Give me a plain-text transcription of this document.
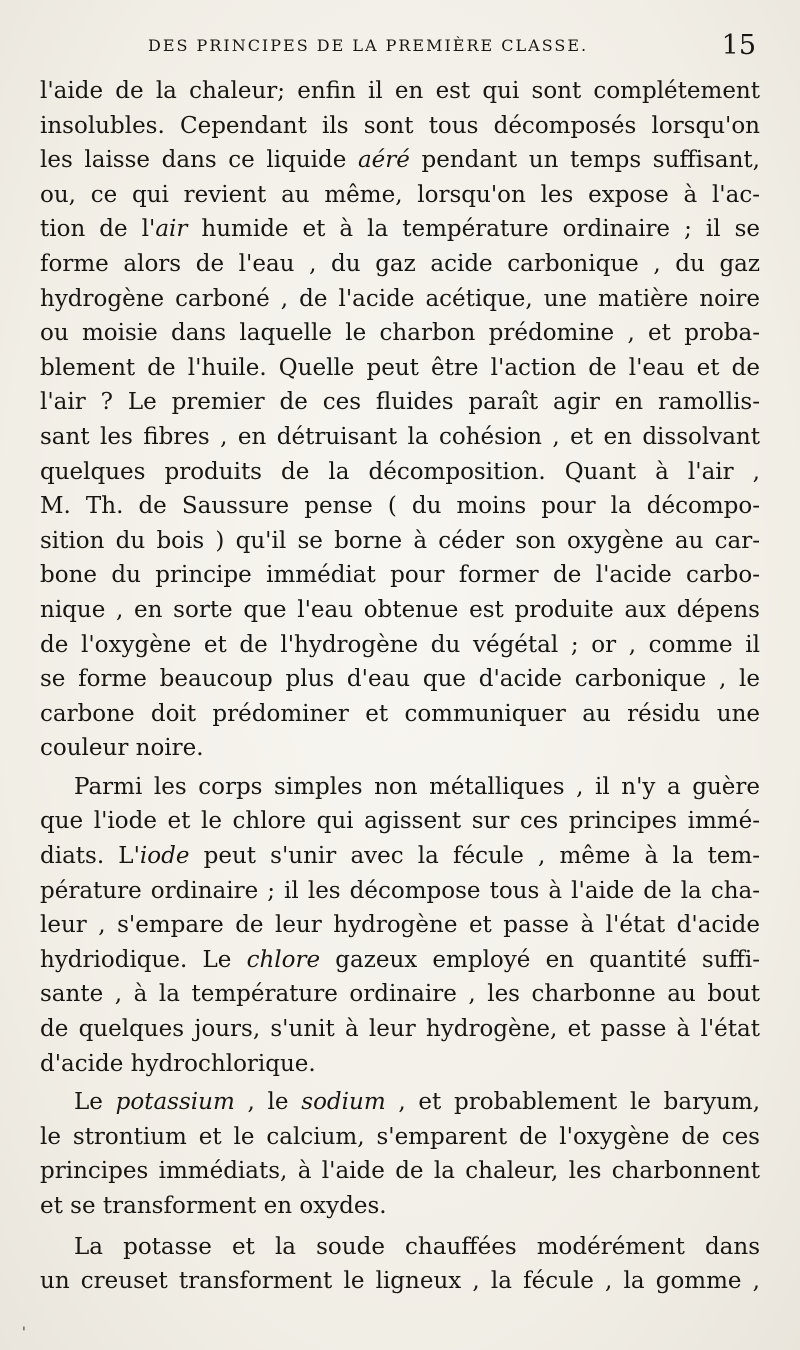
DES PRINCIPES DE LA PREMIÈRE CLASSE.	15
l'aide de la chaleur; enfin il en est qui sont complétement
insolubles. Cependant ils sont tous décomposés lorsqu'on
les laisse dans ce liquide aéré pendant un temps suffisant,
ou, ce qui revient au même, lorsqu'on les expose à l'ac-
tion de l'air humide et à la température ordinaire ; il se
forme alors de l'eau , du gaz acide carbonique , du gaz
hydrogène carboné , de l'acide acétique, une matière noire
ou moisie dans laquelle le charbon prédomine , et proba-
blement de l'huile. Quelle peut être l'action de l'eau et de
l'air ? Le premier de ces fluides paraît agir en ramollis-
sant les fibres , en détruisant la cohésion , et en dissolvant
quelques produits de la décomposition. Quant à l'air ,
M. Th. de Saussure pense ( du moins pour la décompo-
sition du bois ) qu'il se borne à céder son oxygène au car-
bone du principe immédiat pour former de l'acide carbo-
nique , en sorte que l'eau obtenue est produite aux dépens
de l'oxygène et de l'hydrogène du végétal ; or , comme il
se forme beaucoup plus d'eau que d'acide carbonique , le
carbone doit prédominer et communiquer au résidu une
couleur noire.
Parmi les corps simples non métalliques , il n'y a guère
que l'iode et le chlore qui agissent sur ces principes immé-
diats. L'iode peut s'unir avec la fécule , même à la tem-
pérature ordinaire ; il les décompose tous à l'aide de la cha-
leur , s'empare de leur hydrogène et passe à l'état d'acide
hydriodique. Le chlore gazeux employé en quantité suffi-
sante , à la température ordinaire , les charbonne au bout
de quelques jours, s'unit à leur hydrogène, et passe à l'état
d'acide hydrochlorique.
Le potassium , le sodium , et probablement le baryum,
le strontium et le calcium, s'emparent de l'oxygène de ces
principes immédiats, à l'aide de la chaleur, les charbonnent
et se transforment en oxydes.
La potasse et la soude chauffées modérément dans
un creuset transforment le ligneux , la fécule , la gomme ,
'
